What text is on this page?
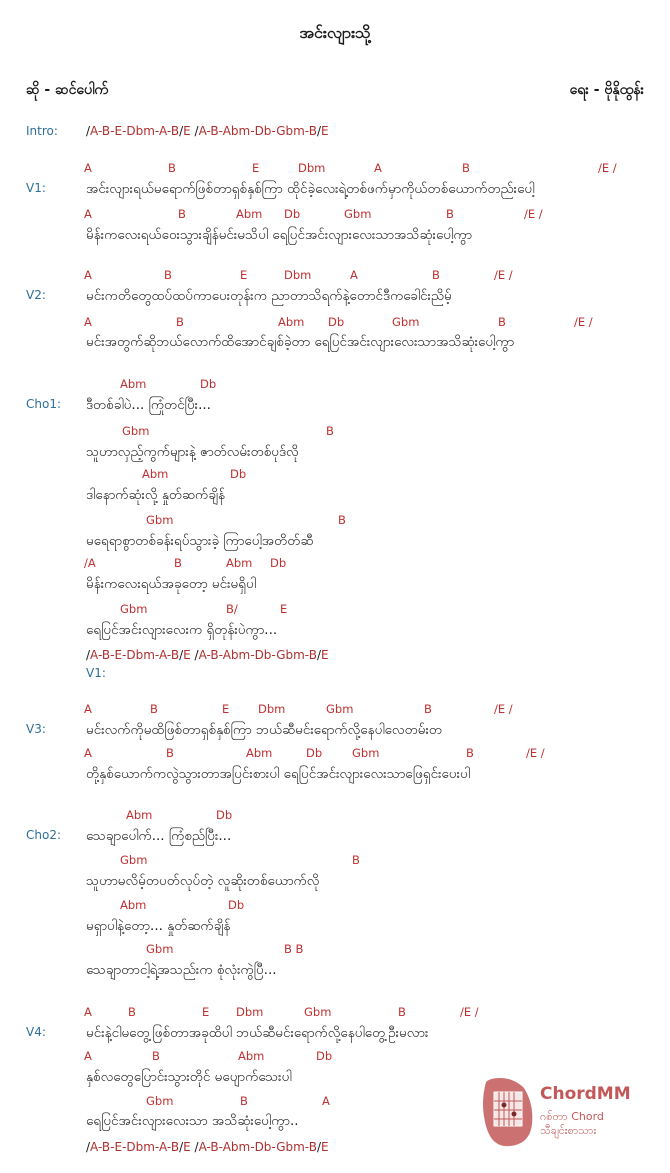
အင်းလျားသို့
ဆို - ဆင်ပေါက်	ရေး - ဗိုနိုထွန်း
Intro: /A-B-E-Dbm-A-B/E /A-B-Abm-Db-Gbm-B/E
A	B	E	Dbm	A	B	/E /
V1:	အင်းလျားရယ်မရောက်ဖြစ်တာရှစ်နှစ်ကြာ ထိုင်ခဲ့လေးရဲ့တစ်ဖက်မှာကိုယ်တစ်ယောက်တည်းပေါ့
A	B	Abm Db	Gbm	B	/E /
မိန်းကလေးရယ်ဝေးသွားချိန်မင်းမသိပါ ရေပြင်အင်းလျားလေးသာအသိဆုံးပေါ့ကွာ
A	B	E	Dbm	A	B	/E /
V2:	မင်းကတိတွေထပ်ထပ်ကာပေးတုန်းက ညာတာသိရက်နဲ့တောင်ဒီကခေါင်းညိမ့်
A	B	Abm Db	Gbm	B	/E /
မင်းအတွက်ဆိုဘယ်လောက်ထိအောင်ချစ်ခဲ့တာ ရေပြင်အင်းလျားလေးသာအသိဆုံးပေါ့ကွာ
Abm	Db
Cho1: ဒီတစ်ခါပဲ... ကြုံတင်ပြီး...
Gbm	B
သူဟာလှည့်ကွက်များနဲ့ ဇာတ်လမ်းတစ်ပုဒ်လို
Abm	Db
ဒါနောက်ဆုံးလို့ နှုတ်ဆက်ချိန်
Gbm	B
မရေရာစွာတစ်ခန်းရပ်သွားခဲ့ ကြာပေါ့အတိတ်ဆီ
/A	B	Abm Db
မိန်းကလေးရယ်အခုတော့ မင်းမရှိပါ
Gbm	B/	E
ရေပြင်အင်းလျားလေးက ရှိတုန်းပဲကွာ...
/A-B-E-Dbm-A-B/E /A-B-Abm-Db-Gbm-B/E
V1:
A	B	E Dbm	Gbm	B	/E /
V3:	မင်းလက်ကိုမထိဖြစ်တာရှစ်နှစ်ကြာ ဘယ်ဆီမင်းရောက်လို့နေပါလေတမ်းတ
A	B	Abm	Db	Gbm	B	/E /
တို့နှစ်ယောက်ကလွဲသွားတာအပြင်းစားပါ ရေပြင်အင်းလျားလေးသာဖြေရှင်းပေးပါ
Abm	Db
Cho2: သေချာပေါက်... ကြံစည်ပြီး...
Gbm	B
သူဟာမလိမ့်တပတ်လုပ်တဲ့ လူဆိုးတစ်ယောက်လို
Abm	Db
မရှာပါနဲ့တော့... နှုတ်ဆက်ချိန်
Gbm	B B
သေချာတာငါ့ရဲ့အသည်းက စုံလုံးကွဲပြီ...
A	B	E Dbm	Gbm	B	/E /
V4:	မင်းနဲ့ငါမတွေ့ဖြစ်တာအခုထိပါ ဘယ်ဆီမင်းရောက်လို့နေပါတွေ့ဦးမလား
A	B	Abm	Db
နှစ်လတွေပြောင်းသွားတိုင် မပျောက်သေးပါ
Gbm	B	A
ရေပြင်အင်းလျားလေးသာ အသိဆုံးပေါ့ကွာ..
/A-B-E-Dbm-A-B/E /A-B-Abm-Db-Gbm-B/E
ChordMM
ဂစ်တာ Chord
သီချင်းစာသား
